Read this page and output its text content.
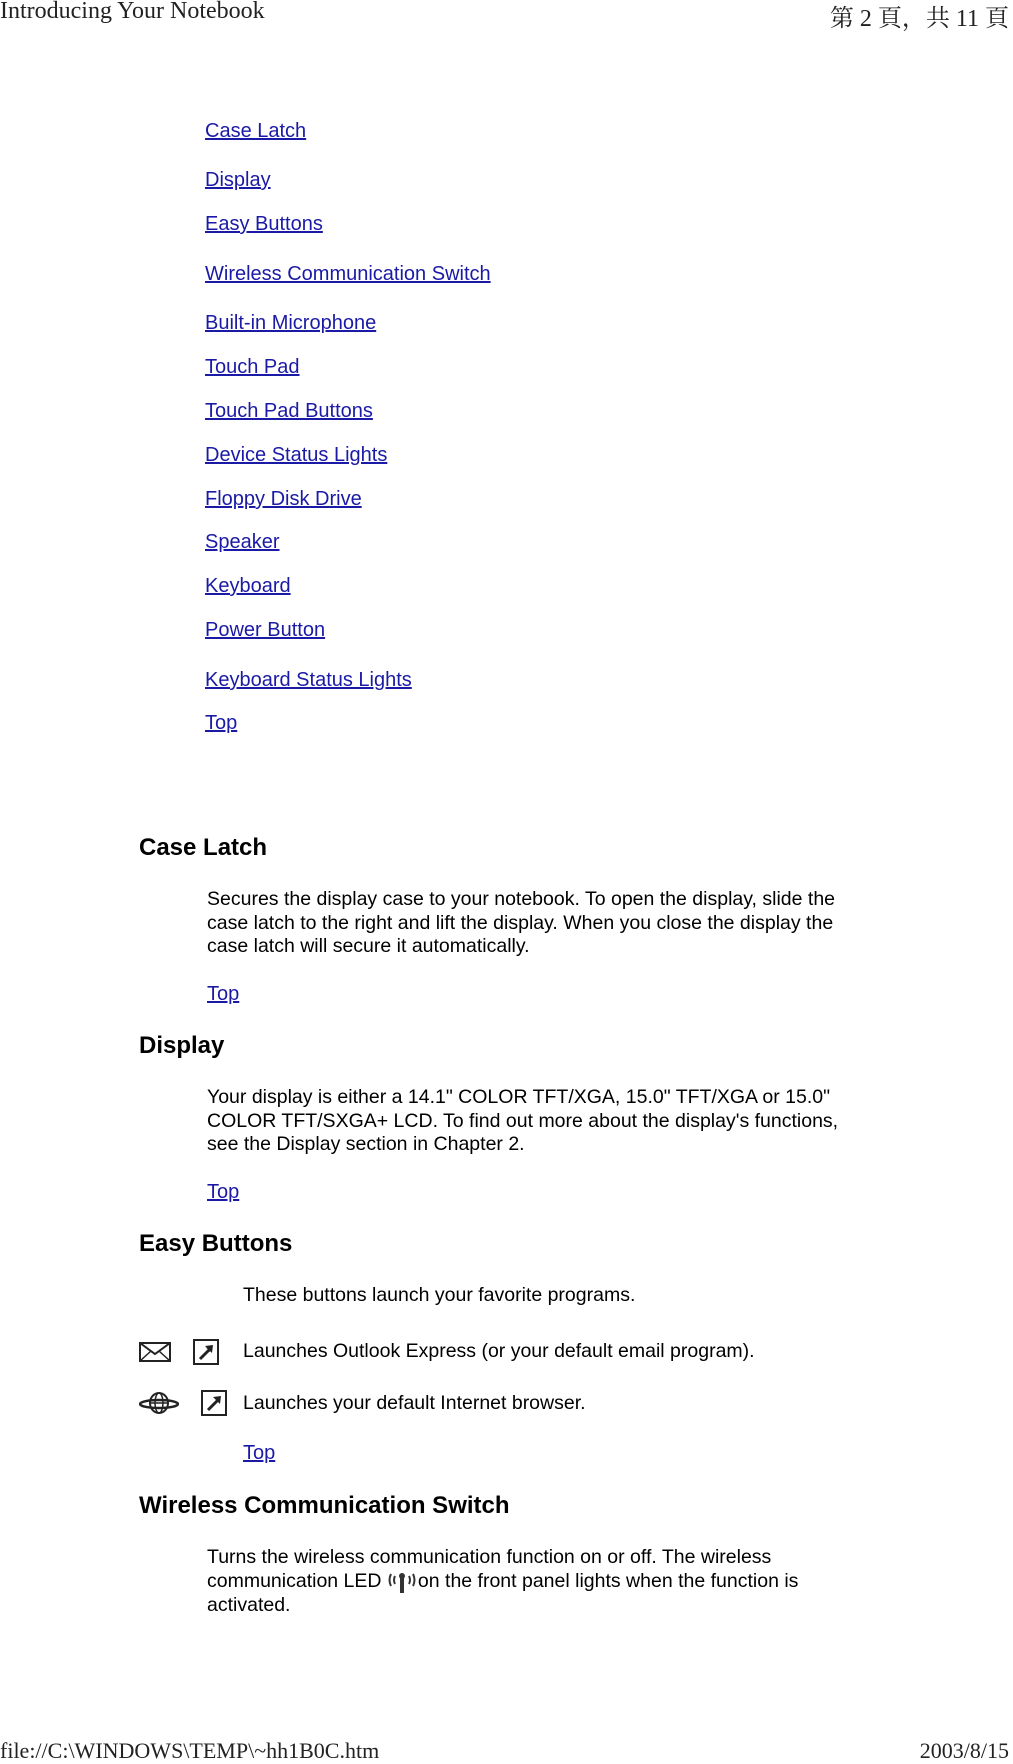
Introducing Your Notebook	第 2 頁，共 11 頁
Case Latch
Display
Easy Buttons
Wireless Communication Switch
Built-in Microphone
Touch Pad
Touch Pad Buttons
Device Status Lights
Floppy Disk Drive
Speaker
Keyboard
Power Button
Keyboard Status Lights
Top
Case Latch

Secures the display case to your notebook. To open the display, slide the case latch to the right and lift the display. When you close the display the case latch will secure it automatically.

Top
Display

Your display is either a 14.1" COLOR TFT/XGA, 15.0" TFT/XGA or 15.0" COLOR TFT/SXGA+ LCD. To find out more about the display's functions, see the Display section in Chapter 2.

Top
Easy Buttons
These buttons launch your favorite programs.
Launches Outlook Express (or your default email program).
Launches your default Internet browser.
Top
Wireless Communication Switch

Turns the wireless communication function on or off. The wireless communication LED
on the front panel lights when the function is activated.

file://C:\WINDOWS\TEMP\~hh1B0C.htm	2003/8/15
